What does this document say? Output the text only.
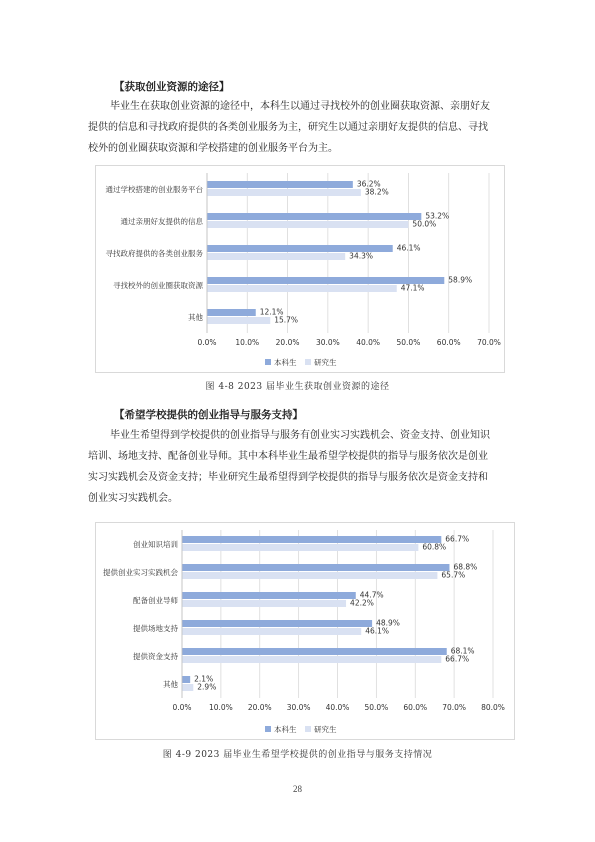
【获取创业资源的途径】
毕业生在获取创业资源的途径中，本科生以通过寻找校外的创业圈获取资源、亲朋好友
提供的信息和寻找政府提供的各类创业服务为主，研究生以通过亲朋好友提供的信息、寻找
校外的创业圈获取资源和学校搭建的创业服务平台为主。
0.0%	10.0% 20.0% 30.0% 40.0% 50.0% 60.0% 70.0%
通过学校搭建的创业服务平台
36.2%
38.2%
通过亲朋好友提供的信息
53.2%
50.0%
寻找政府提供的各类创业服务
46.1%
34.3%
寻找校外的创业圈获取资源
58.9%
47.1%
其他
12.1%
15.7%
本科生 研究生
图 4-8 2023 届毕业生获取创业资源的途径
【希望学校提供的创业指导与服务支持】
毕业生希望得到学校提供的创业指导与服务有创业实习实践机会、资金支持、创业知识
培训、场地支持、配备创业导师。其中本科毕业生最希望学校提供的指导与服务依次是创业
实习实践机会及资金支持；毕业研究生最希望得到学校提供的指导与服务依次是资金支持和
创业实习实践机会。
0.0% 10.0% 20.0% 30.0% 40.0% 50.0% 60.0% 70.0% 80.0%
创业知识培训
66.7%
60.8%
提供创业实习实践机会
68.8%
65.7%
配备创业导师
44.7%
42.2%
提供场地支持
48.9%
46.1%
提供资金支持
68.1%
66.7%
其他
2.1%
2.9%
本科生 研究生
图 4-9 2023 届毕业生希望学校提供的创业指导与服务支持情况
28
